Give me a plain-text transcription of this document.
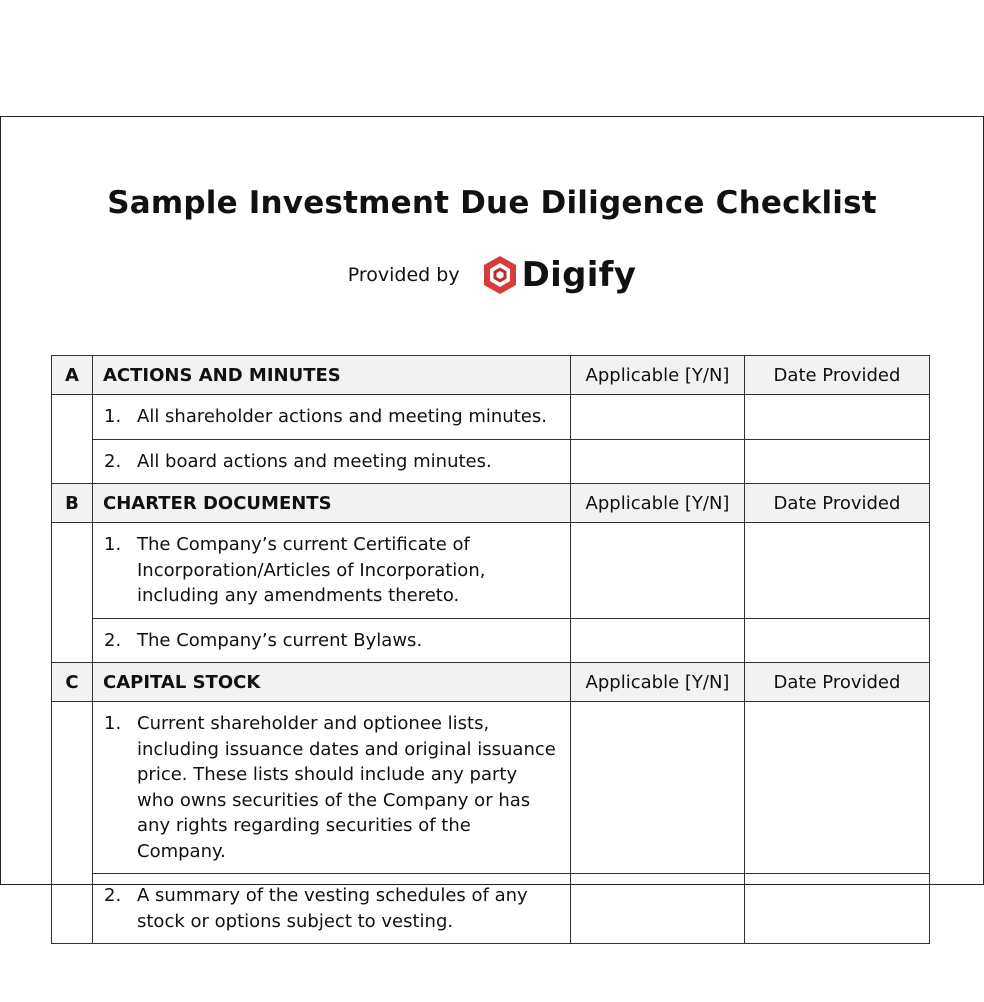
Sample Investment Due Diligence Checklist
Provided by Digify
A	ACTIONS AND MINUTES	Applicable [Y/N]	Date Provided

	1. All shareholder actions and meeting minutes.		

	2. All board actions and meeting minutes.		

B	CHARTER DOCUMENTS	Applicable [Y/N]	Date Provided

	1. The Company’s current Certificate of Incorporation/Articles of Incorporation, including any amendments thereto.		

	2. The Company’s current Bylaws.		

C	CAPITAL STOCK	Applicable [Y/N]	Date Provided

	1. Current shareholder and optionee lists, including issuance dates and original issuance price. These lists should include any party who owns securities of the Company or has any rights regarding securities of the Company.		

	2. A summary of the vesting schedules of any stock or options subject to vesting.		
